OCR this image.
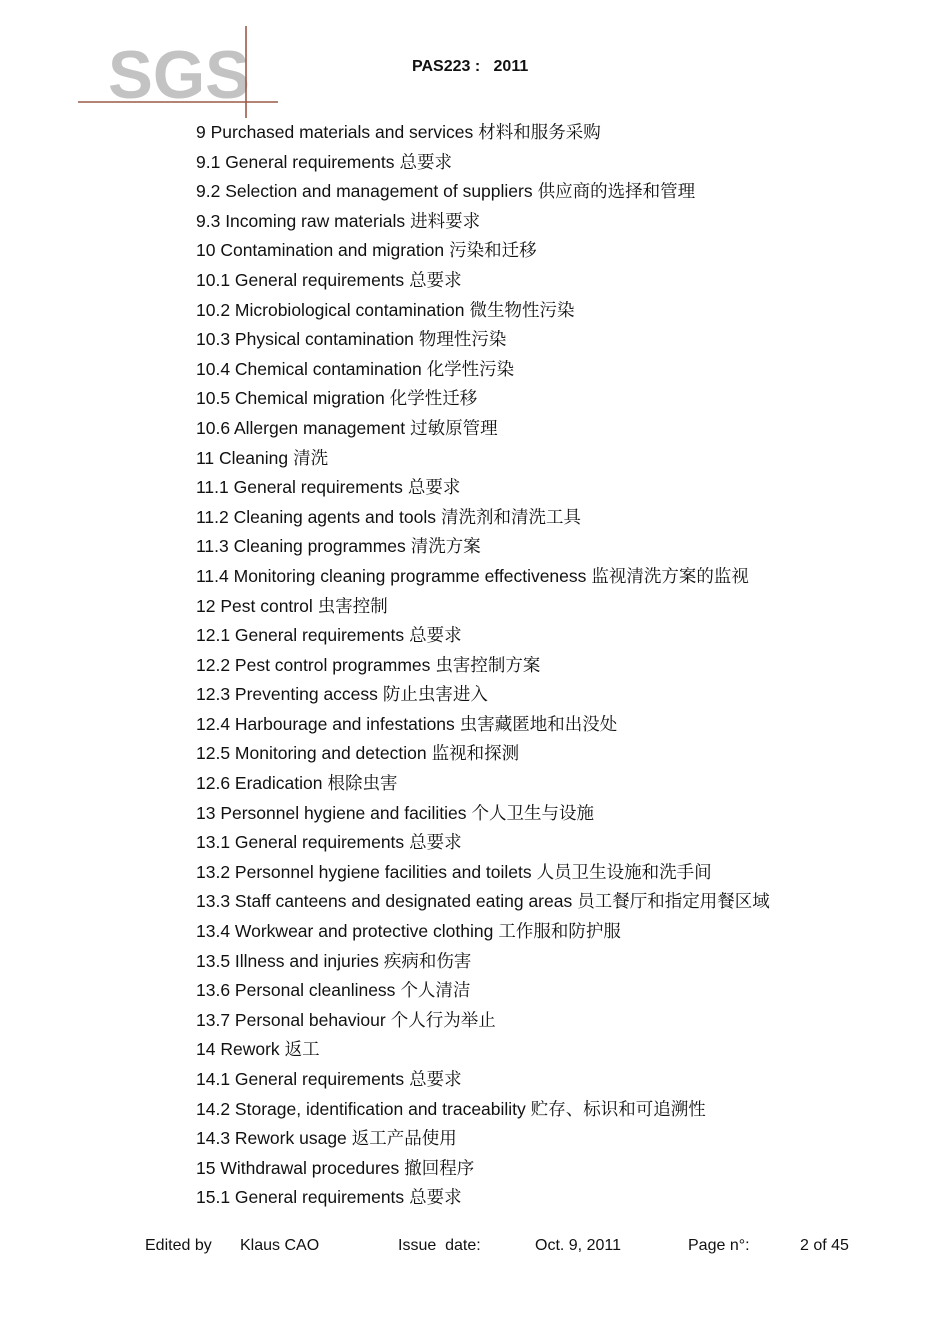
SGS	PAS223 :   2011
9 Purchased materials and services 材料和服务采购
9.1 General requirements 总要求
9.2 Selection and management of suppliers 供应商的选择和管理
9.3 Incoming raw materials 进料要求
10 Contamination and migration 污染和迁移
10.1 General requirements 总要求
10.2 Microbiological contamination 微生物性污染
10.3 Physical contamination 物理性污染
10.4 Chemical contamination 化学性污染
10.5 Chemical migration 化学性迁移
10.6 Allergen management 过敏原管理
11 Cleaning 清洗
11.1 General requirements 总要求
11.2 Cleaning agents and tools 清洗剂和清洗工具
11.3 Cleaning programmes 清洗方案
11.4 Monitoring cleaning programme effectiveness 监视清洗方案的监视
12 Pest control 虫害控制
12.1 General requirements 总要求
12.2 Pest control programmes 虫害控制方案
12.3 Preventing access 防止虫害进入
12.4 Harbourage and infestations 虫害藏匿地和出没处
12.5 Monitoring and detection 监视和探测
12.6 Eradication 根除虫害
13 Personnel hygiene and facilities 个人卫生与设施
13.1 General requirements 总要求
13.2 Personnel hygiene facilities and toilets 人员卫生设施和洗手间
13.3 Staff canteens and designated eating areas 员工餐厅和指定用餐区域
13.4 Workwear and protective clothing 工作服和防护服
13.5 Illness and injuries 疾病和伤害
13.6 Personal cleanliness 个人清洁
13.7 Personal behaviour 个人行为举止
14 Rework 返工
14.1 General requirements 总要求
14.2 Storage, identification and traceability 贮存、标识和可追溯性
14.3 Rework usage 返工产品使用
15 Withdrawal procedures 撤回程序
15.1 General requirements 总要求
Edited by Klaus CAO	Issue  date:	Oct. 9, 2011	Page n°:	2 of 45
